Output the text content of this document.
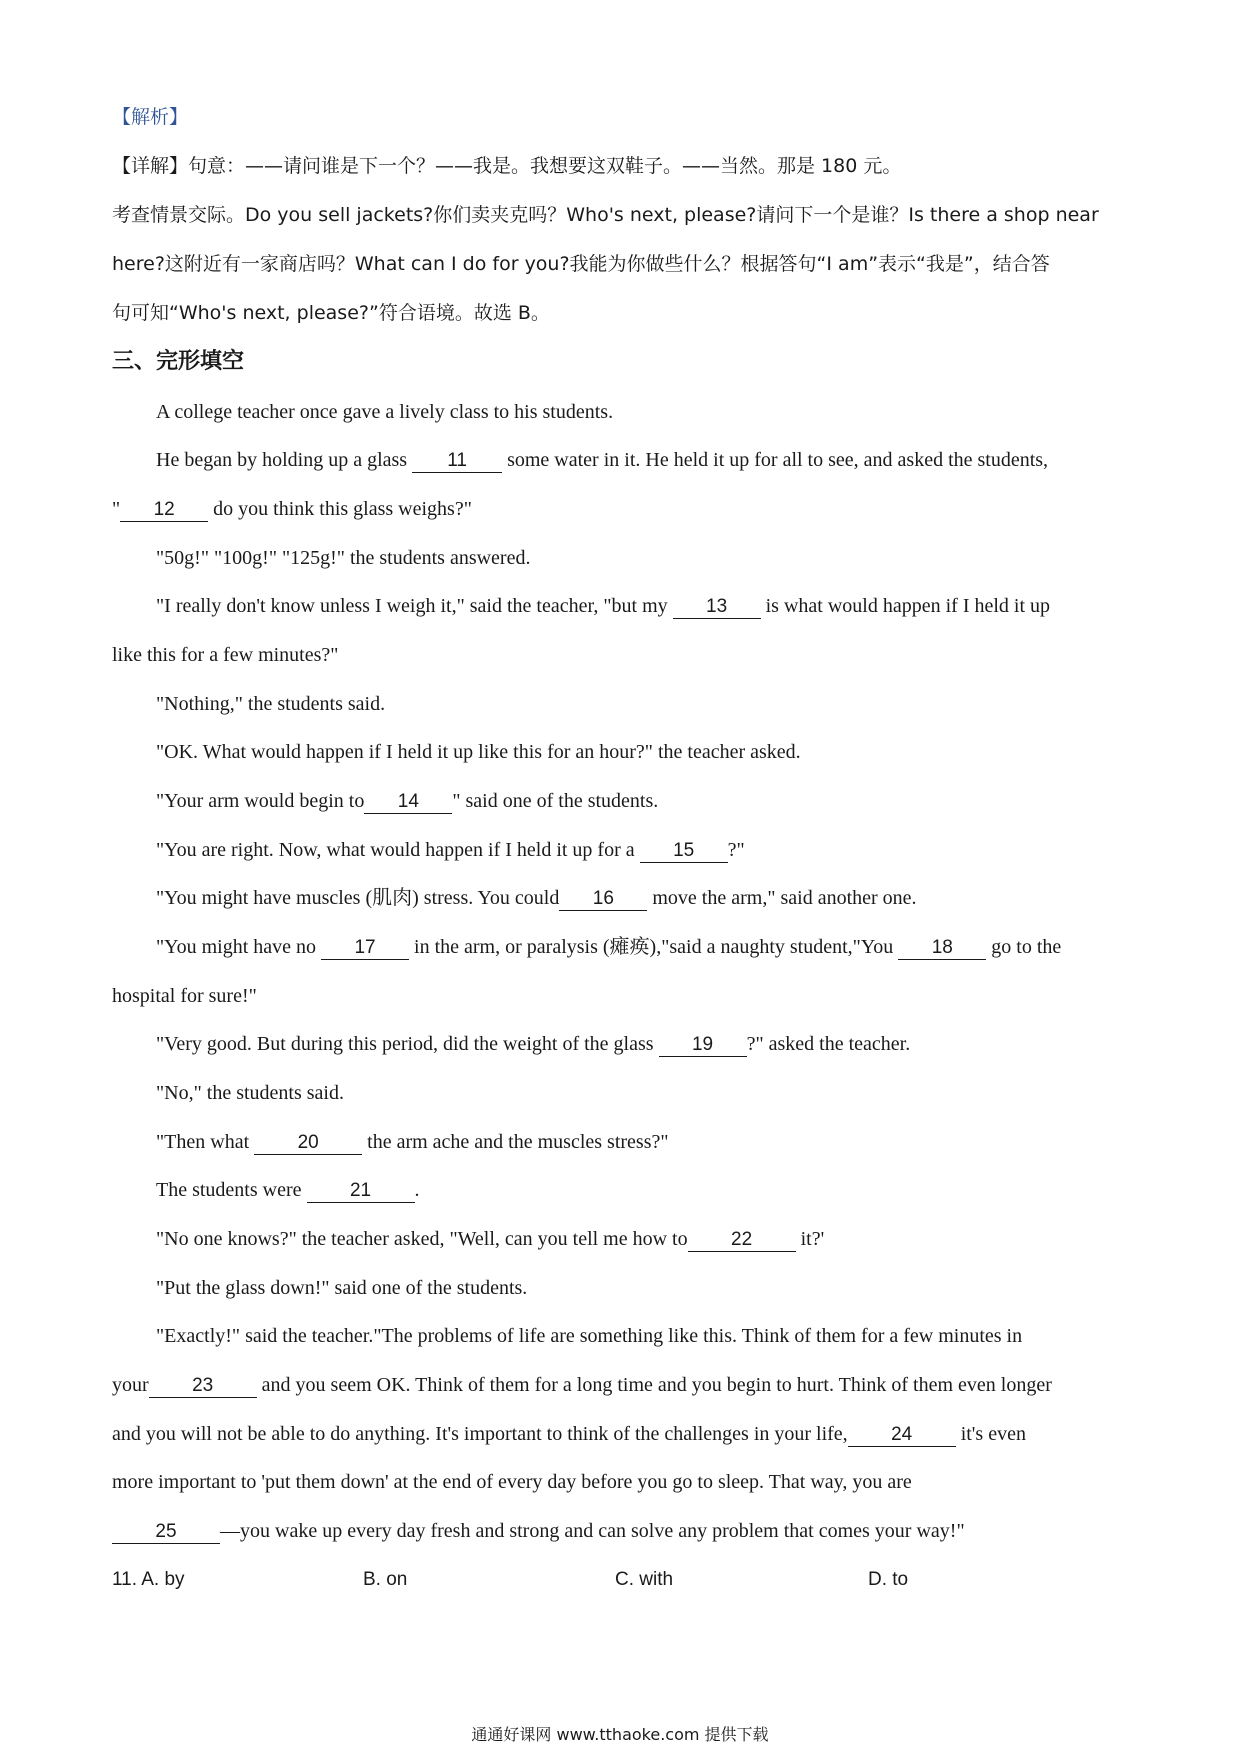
【解析】
【详解】句意：——请问谁是下一个？——我是。我想要这双鞋子。——当然。那是 180 元。
考查情景交际。Do you sell jackets?你们卖夹克吗？Who's next, please?请问下一个是谁？Is there a shop near
here?这附近有一家商店吗？What can I do for you?我能为你做些什么？根据答句“I am”表示“我是”，结合答
句可知“Who's next, please?”符合语境。故选 B。
三、完形填空
A college teacher once gave a lively class to his students.
He began by holding up a glass 11 some water in it. He held it up for all to see, and asked the students,
" 12 do you think this glass weighs?"
"50g!" "100g!" "125g!" the students answered.
"I really don't know unless I weigh it," said the teacher, "but my 13 is what would happen if I held it up
like this for a few minutes?"
"Nothing," the students said.
"OK. What would happen if I held it up like this for an hour?" the teacher asked.
"Your arm would begin to 14 " said one of the students.
"You are right. Now, what would happen if I held it up for a 15 ?"
"You might have muscles (肌肉) stress. You could 16 move the arm," said another one.
"You might have no 17 in the arm, or paralysis (瘫痪),"said a naughty student,"You 18 go to the
hospital for sure!"
"Very good. But during this period, did the weight of the glass 19 ?" asked the teacher.
"No," the students said.
"Then what 20 the arm ache and the muscles stress?"
The students were 21 .
"No one knows?" the teacher asked, "Well, can you tell me how to 22 it?'
"Put the glass down!" said one of the students.
"Exactly!" said the teacher."The problems of life are something like this. Think of them for a few minutes in
your 23 and you seem OK. Think of them for a long time and you begin to hurt. Think of them even longer
and you will not be able to do anything. It's important to think of the challenges in your life, 24 it's even
more important to 'put them down' at the end of every day before you go to sleep. That way, you are
25 —you wake up every day fresh and strong and can solve any problem that comes your way!"
11. A. by	B. on	C. with	D. to
通通好课网 www.tthaoke.com 提供下载
